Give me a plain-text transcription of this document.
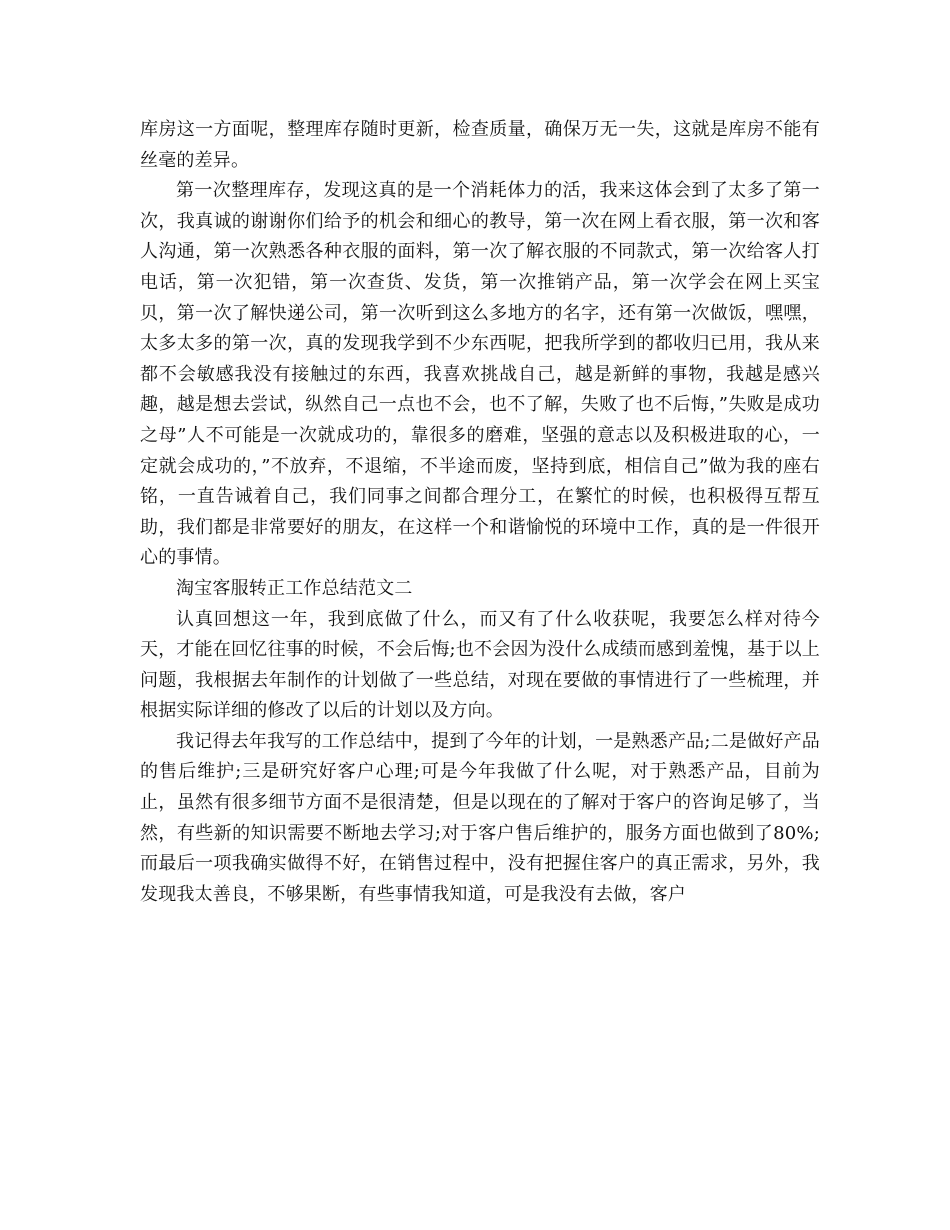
库房这一方面呢，整理库存随时更新，检查质量，确保万无一失，这就是库房不能有丝毫的差异。

第一次整理库存，发现这真的是一个消耗体力的活，我来这体会到了太多了第一次，我真诚的谢谢你们给予的机会和细心的教导，第一次在网上看衣服，第一次和客人沟通，第一次熟悉各种衣服的面料，第一次了解衣服的不同款式，第一次给客人打电话，第一次犯错，第一次查货、发货，第一次推销产品，第一次学会在网上买宝贝，第一次了解快递公司，第一次听到这么多地方的名字，还有第一次做饭，嘿嘿，太多太多的第一次，真的发现我学到不少东西呢，把我所学到的都收归已用，我从来都不会敏感我没有接触过的东西，我喜欢挑战自己，越是新鲜的事物，我越是感兴趣，越是想去尝试，纵然自己一点也不会，也不了解，失败了也不后悔，”失败是成功之母”人不可能是一次就成功的，靠很多的磨难，坚强的意志以及积极进取的心，一定就会成功的，”不放弃，不退缩，不半途而废，坚持到底，相信自己”做为我的座右铭，一直告诫着自己，我们同事之间都合理分工，在繁忙的时候，也积极得互帮互助，我们都是非常要好的朋友，在这样一个和谐愉悦的环境中工作，真的是一件很开心的事情。

淘宝客服转正工作总结范文二

认真回想这一年，我到底做了什么，而又有了什么收获呢，我要怎么样对待今天，才能在回忆往事的时候，不会后悔;也不会因为没什么成绩而感到羞愧，基于以上问题，我根据去年制作的计划做了一些总结，对现在要做的事情进行了一些梳理，并根据实际详细的修改了以后的计划以及方向。

我记得去年我写的工作总结中，提到了今年的计划，一是熟悉产品;二是做好产品的售后维护;三是研究好客户心理;可是今年我做了什么呢，对于熟悉产品，目前为止，虽然有很多细节方面不是很清楚，但是以现在的了解对于客户的咨询足够了，当然，有些新的知识需要不断地去学习;对于客户售后维护的，服务方面也做到了80%;而最后一项我确实做得不好，在销售过程中，没有把握住客户的真正需求，另外，我发现我太善良，不够果断，有些事情我知道，可是我没有去做，客户
